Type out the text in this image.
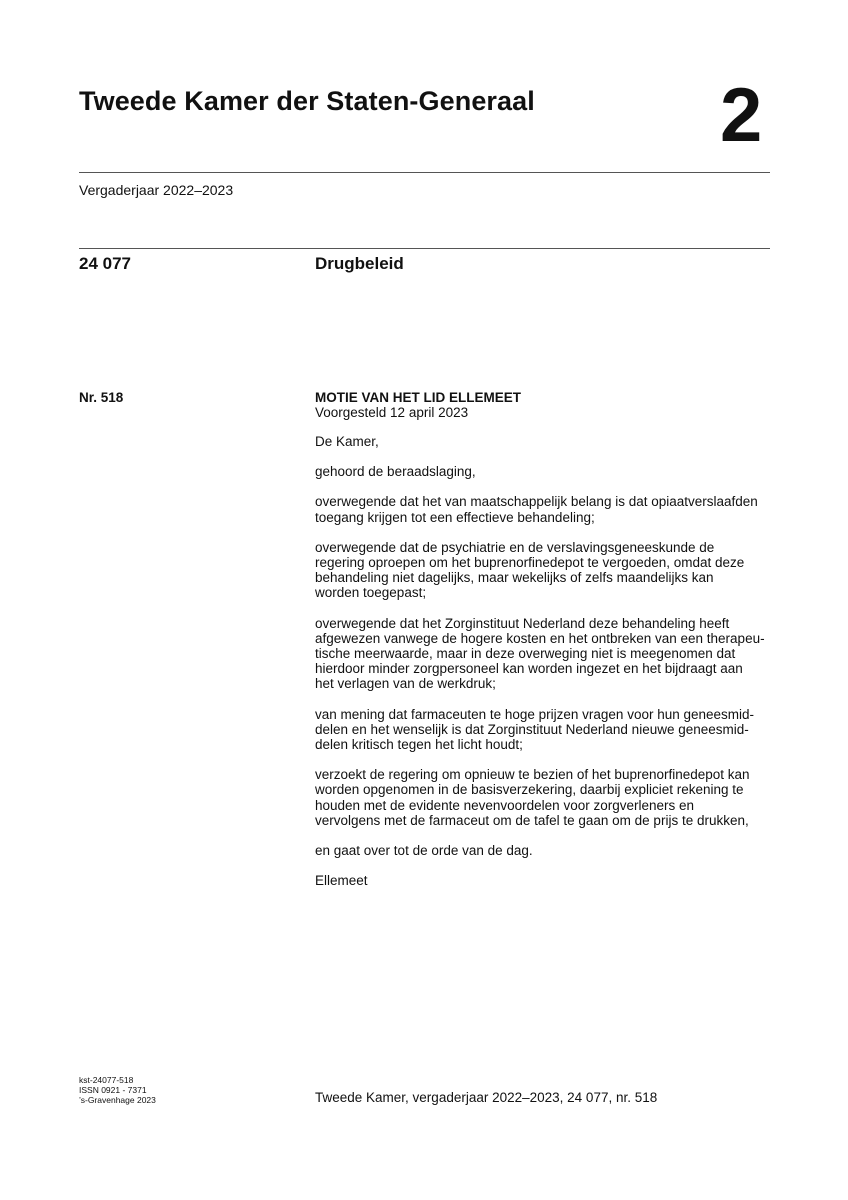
Tweede Kamer der Staten-Generaal 2
Vergaderjaar 2022–2023
24 077	Drugbeleid
Nr. 518	MOTIE VAN HET LID ELLEMEET
Voorgesteld 12 april 2023

De Kamer,

gehoord de beraadslaging,

overwegende dat het van maatschappelijk belang is dat opiaatverslaafden
toegang krijgen tot een effectieve behandeling;

overwegende dat de psychiatrie en de verslavingsgeneeskunde de
regering oproepen om het buprenorfinedepot te vergoeden, omdat deze
behandeling niet dagelijks, maar wekelijks of zelfs maandelijks kan
worden toegepast;

overwegende dat het Zorginstituut Nederland deze behandeling heeft
afgewezen vanwege de hogere kosten en het ontbreken van een therapeu-
tische meerwaarde, maar in deze overweging niet is meegenomen dat
hierdoor minder zorgpersoneel kan worden ingezet en het bijdraagt aan
het verlagen van de werkdruk;

van mening dat farmaceuten te hoge prijzen vragen voor hun geneesmid-
delen en het wenselijk is dat Zorginstituut Nederland nieuwe geneesmid-
delen kritisch tegen het licht houdt;

verzoekt de regering om opnieuw te bezien of het buprenorfinedepot kan
worden opgenomen in de basisverzekering, daarbij expliciet rekening te
houden met de evidente nevenvoordelen voor zorgverleners en
vervolgens met de farmaceut om de tafel te gaan om de prijs te drukken,

en gaat over tot de orde van de dag.

Ellemeet

kst-24077-518
ISSN 0921 - 7371
’s-Gravenhage 2023	Tweede Kamer, vergaderjaar 2022–2023, 24 077, nr. 518
